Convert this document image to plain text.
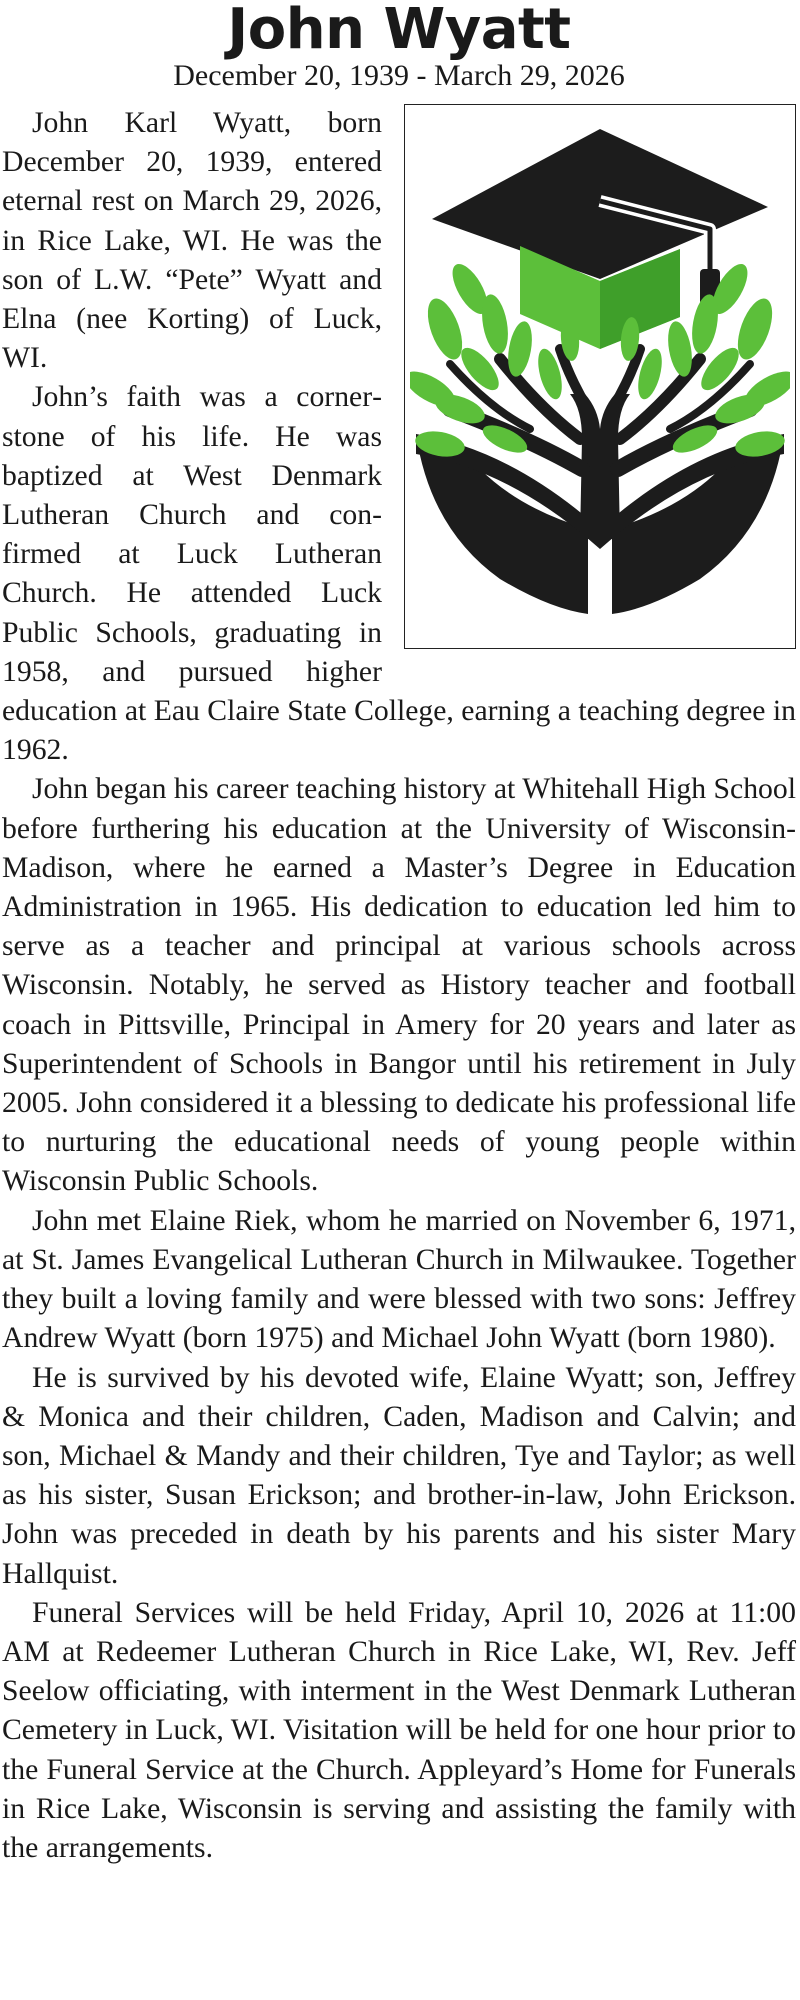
John Wyatt
December 20, 1939 - March 29, 2026

John Karl Wyatt, born December 20, 1939, entered eternal rest on March 29, 2026, in Rice Lake, WI. He was the son of L.W. “Pete” Wyatt and Elna (nee Korting) of Luck, WI.

John’s faith was a cornerstone of his life. He was baptized at West Denmark Lutheran Church and confirmed at Luck Lutheran Church. He attended Luck Public Schools, graduating in 1958, and pursued higher education at Eau Claire State College, earning a teaching degree in 1962.

John began his career teaching history at Whitehall High School before furthering his education at the University of Wisconsin-Madison, where he earned a Master’s Degree in Education Administration in 1965. His dedication to education led him to serve as a teacher and principal at various schools across Wisconsin. Notably, he served as History teacher and football coach in Pittsville, Principal in Amery for 20 years and later as Superintendent of Schools in Bangor until his retirement in July 2005. John considered it a blessing to dedicate his professional life to nurturing the educational needs of young people within Wisconsin Public Schools.

John met Elaine Riek, whom he married on November 6, 1971, at St. James Evangelical Lutheran Church in Milwaukee. Together they built a loving family and were blessed with two sons: Jeffrey Andrew Wyatt (born 1975) and Michael John Wyatt (born 1980).

He is survived by his devoted wife, Elaine Wyatt; son, Jeffrey & Monica and their children, Caden, Madison and Calvin; and son, Michael & Mandy and their children, Tye and Taylor; as well as his sister, Susan Erickson; and brother-in-law, John Erickson. John was preceded in death by his parents and his sister Mary Hallquist.

Funeral Services will be held Friday, April 10, 2026 at 11:00 AM at Redeemer Lutheran Church in Rice Lake, WI, Rev. Jeff Seelow officiating, with interment in the West Denmark Lutheran Cemetery in Luck, WI. Visitation will be held for one hour prior to the Funeral Service at the Church. Appleyard’s Home for Funerals in Rice Lake, Wisconsin is serving and assisting the family with the arrangements.
